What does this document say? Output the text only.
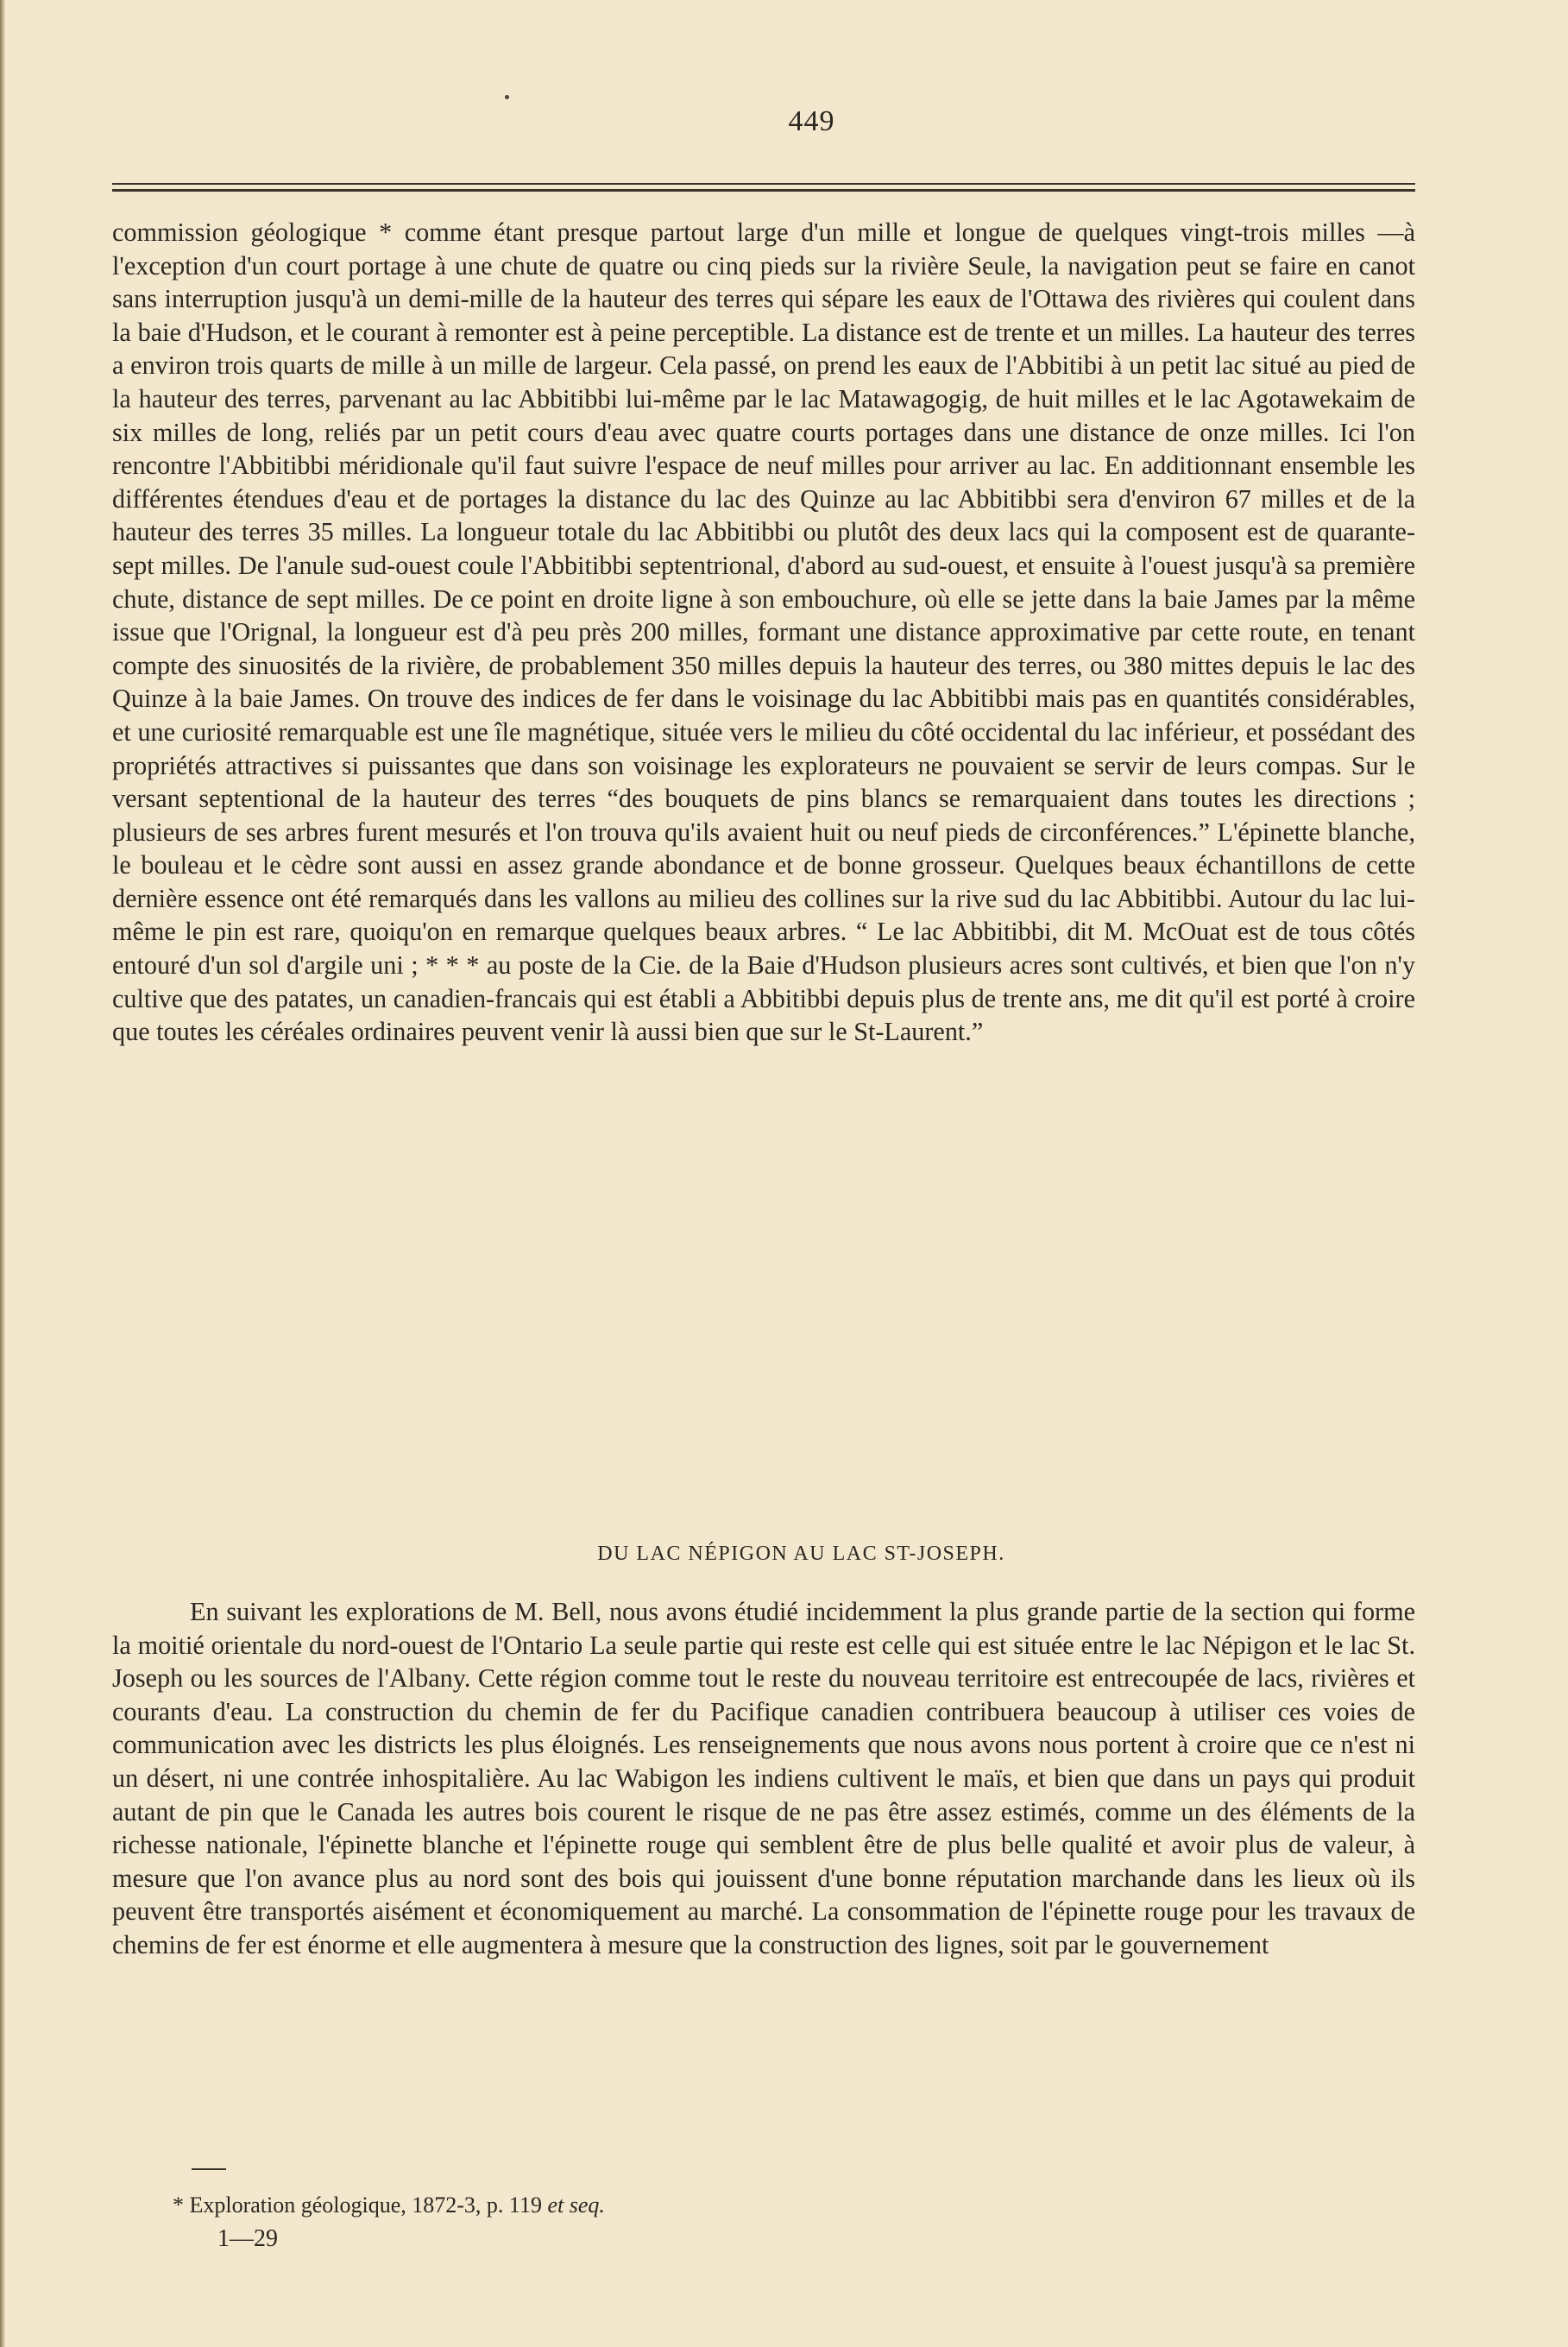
449

commission géologique * comme étant presque partout large d'un mille et longue de quelques vingt-trois milles —à l'exception d'un court portage à une chute de quatre ou cinq pieds sur la rivière Seule, la navigation peut se faire en canot sans interruption jusqu'à un demi-mille de la hauteur des terres qui sépare les eaux de l'Ottawa des rivières qui coulent dans la baie d'Hudson, et le courant à remonter est à peine perceptible. La distance est de trente et un milles. La hauteur des terres a environ trois quarts de mille à un mille de largeur. Cela passé, on prend les eaux de l'Abbitibi à un petit lac situé au pied de la hauteur des terres, parvenant au lac Abbitibbi lui-même par le lac Matawagogig, de huit milles et le lac Agotawekaim de six milles de long, reliés par un petit cours d'eau avec quatre courts portages dans une distance de onze milles. Ici l'on rencontre l'Abbitibbi méridionale qu'il faut suivre l'espace de neuf milles pour arriver au lac. En additionnant ensemble les différentes étendues d'eau et de portages la distance du lac des Quinze au lac Abbitibbi sera d'environ 67 milles et de la hauteur des terres 35 milles. La longueur totale du lac Abbitibbi ou plutôt des deux lacs qui la composent est de quarante-sept milles. De l'anule sud-ouest coule l'Abbitibbi septentrional, d'abord au sud-ouest, et ensuite à l'ouest jusqu'à sa première chute, distance de sept milles. De ce point en droite ligne à son embouchure, où elle se jette dans la baie James par la même issue que l'Orignal, la longueur est d'à peu près 200 milles, formant une distance approximative par cette route, en tenant compte des sinuosités de la rivière, de probablement 350 milles depuis la hauteur des terres, ou 380 mittes depuis le lac des Quinze à la baie James. On trouve des indices de fer dans le voisinage du lac Abbitibbi mais pas en quantités considérables, et une curiosité remarquable est une île magnétique, située vers le milieu du côté occidental du lac inférieur, et possédant des propriétés attractives si puissantes que dans son voisinage les explorateurs ne pouvaient se servir de leurs compas. Sur le versant septentional de la hauteur des terres “des bouquets de pins blancs se remarquaient dans toutes les directions ; plusieurs de ses arbres furent mesurés et l'on trouva qu'ils avaient huit ou neuf pieds de circonférences.” L'épinette blanche, le bouleau et le cèdre sont aussi en assez grande abondance et de bonne grosseur. Quelques beaux échantillons de cette dernière essence ont été remarqués dans les vallons au milieu des collines sur la rive sud du lac Abbitibbi. Autour du lac lui-même le pin est rare, quoiqu'on en remarque quelques beaux arbres. “ Le lac Abbitibbi, dit M. McOuat est de tous côtés entouré d'un sol d'argile uni ; * * * au poste de la Cie. de la Baie d'Hudson plusieurs acres sont cultivés, et bien que l'on n'y cultive que des patates, un canadien-francais qui est établi a Abbitibbi depuis plus de trente ans, me dit qu'il est porté à croire que toutes les céréales ordinaires peuvent venir là aussi bien que sur le St-Laurent.”

DU LAC NÉPIGON AU LAC ST-JOSEPH.

En suivant les explorations de M. Bell, nous avons étudié incidemment la plus grande partie de la section qui forme la moitié orientale du nord-ouest de l'Ontario La seule partie qui reste est celle qui est située entre le lac Népigon et le lac St. Joseph ou les sources de l'Albany. Cette région comme tout le reste du nouveau territoire est entrecoupée de lacs, rivières et courants d'eau. La construction du chemin de fer du Pacifique canadien contribuera beaucoup à utiliser ces voies de communication avec les districts les plus éloignés. Les renseignements que nous avons nous portent à croire que ce n'est ni un désert, ni une contrée inhospitalière. Au lac Wabigon les indiens cultivent le maïs, et bien que dans un pays qui produit autant de pin que le Canada les autres bois courent le risque de ne pas être assez estimés, comme un des éléments de la richesse nationale, l'épinette blanche et l'épinette rouge qui semblent être de plus belle qualité et avoir plus de valeur, à mesure que l'on avance plus au nord sont des bois qui jouissent d'une bonne réputation marchande dans les lieux où ils peuvent être transportés aisément et économiquement au marché. La consommation de l'épinette rouge pour les travaux de chemins de fer est énorme et elle augmentera à mesure que la construction des lignes, soit par le gouvernement

* Exploration géologique, 1872-3, p. 119 et seq.
1—29
